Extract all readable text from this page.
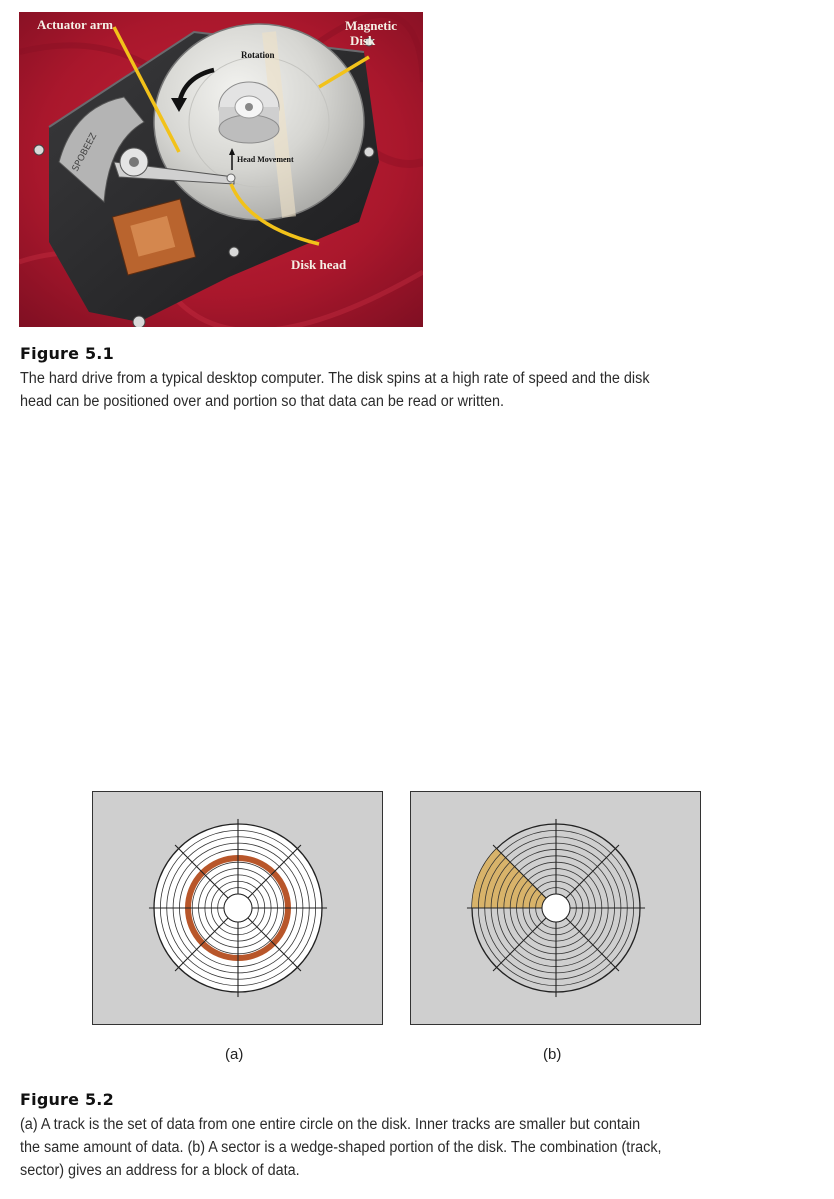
SPOBEEZ
Actuator arm	Magnetic Disk
Rotation
Head Movement
Disk head
Figure 5.1
The hard drive from a typical desktop computer. The disk spins at a high rate of speed and the disk
head can be positioned over and portion so that data can be read or written.
(a)	(b)
Figure 5.2
(a) A track is the set of data from one entire circle on the disk. Inner tracks are smaller but contain
the same amount of data. (b) A sector is a wedge-shaped portion of the disk. The combination (track,
sector) gives an address for a block of data.
